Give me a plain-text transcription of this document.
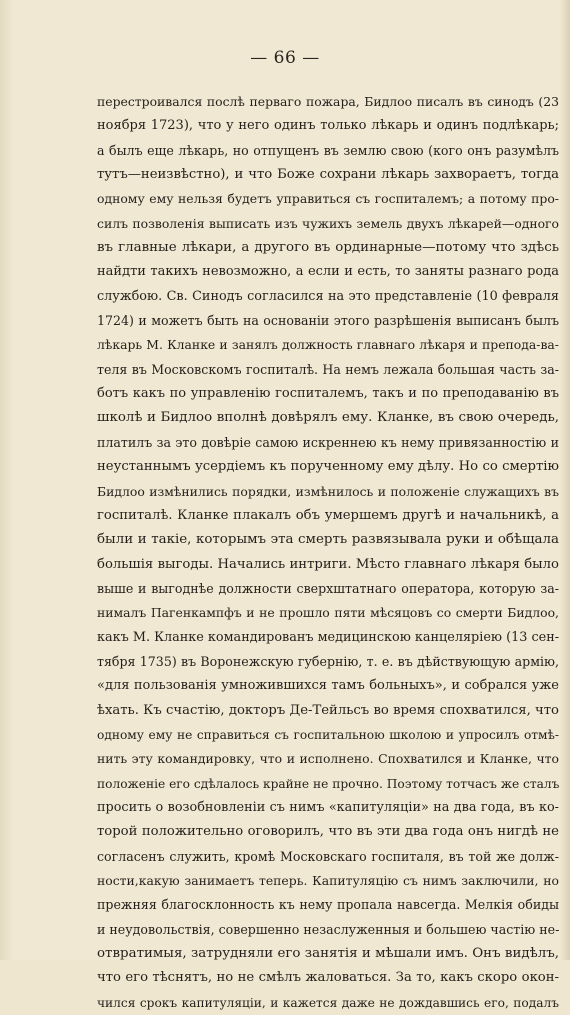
— 66 —
перестроивался послѣ перваго пожара, Бидлоо писалъ въ синодъ (23
ноября 1723), что у него одинъ только лѣкарь и одинъ подлѣкарь;
а былъ еще лѣкарь, но отпущенъ въ землю свою (кого онъ разумѣлъ
тутъ—неизвѣстно), и что Боже сохрани лѣкарь захвораетъ, тогда
одному ему нельзя будетъ управиться съ госпиталемъ; а потому про-
силъ позволенія выписать изъ чужихъ земель двухъ лѣкарей—одного
въ главные лѣкари, а другого въ ординарные—потому что здѣсь
найдти такихъ невозможно, а если и есть, то заняты разнаго рода
службою. Св. Синодъ согласился на это представленіе (10 февраля
1724) и можетъ быть на основаніи этого разрѣшенія выписанъ былъ
лѣкарь М. Кланке и занялъ должность главнаго лѣкаря и препода-ва-
теля въ Московскомъ госпиталѣ. На немъ лежала большая часть за-
ботъ какъ по управленію госпиталемъ, такъ и по преподаванію въ
школѣ и Бидлоо вполнѣ довѣрялъ ему. Кланке, въ свою очередь,
платилъ за это довѣріе самою искреннею къ нему привязанностію и
неустаннымъ усердіемъ къ порученному ему дѣлу. Но со смертію
Бидлоо измѣнились порядки, измѣнилось и положеніе служащихъ въ
госпиталѣ. Кланке плакалъ объ умершемъ другѣ и начальникѣ, а
были и такіе, которымъ эта смерть развязывала руки и обѣщала
большія выгоды. Начались интриги. Мѣсто главнаго лѣкаря было
выше и выгоднѣе должности сверхштатнаго оператора, которую за-
нималъ Пагенкампфъ и не прошло пяти мѣсяцовъ со смерти Бидлоо,
какъ М. Кланке командированъ медицинскою канцеляріею (13 сен-
тября 1735) въ Воронежскую губернію, т. е. въ дѣйствующую армію,
«для пользованія умножившихся тамъ больныхъ», и собрался уже
ѣхать. Къ счастію, докторъ Де-Тейльсъ во время спохватился, что
одному ему не справиться съ госпитальною школою и упросилъ отмѣ-
нить эту командировку, что и исполнено. Спохватился и Кланке, что
положеніе его сдѣлалось крайне не прочно. Поэтому тотчасъ же сталъ
просить о возобновленіи съ нимъ «капитуляціи» на два года, въ ко-
торой положительно оговорилъ, что въ эти два года онъ нигдѣ не
согласенъ служить, кромѣ Московскаго госпиталя, въ той же долж-
ности,какую занимаетъ теперь. Капитуляцію съ нимъ заключили, но
прежняя благосклонность къ нему пропала навсегда. Мелкія обиды
и неудовольствія, совершенно незаслуженныя и большею частію не-
отвратимыя, затрудняли его занятія и мѣшали имъ. Онъ видѣлъ,
что его тѣснятъ, но не смѣлъ жаловаться. За то, какъ скоро окон-
чился срокъ капитуляціи, и кажется даже не дождавшись его, подалъ
